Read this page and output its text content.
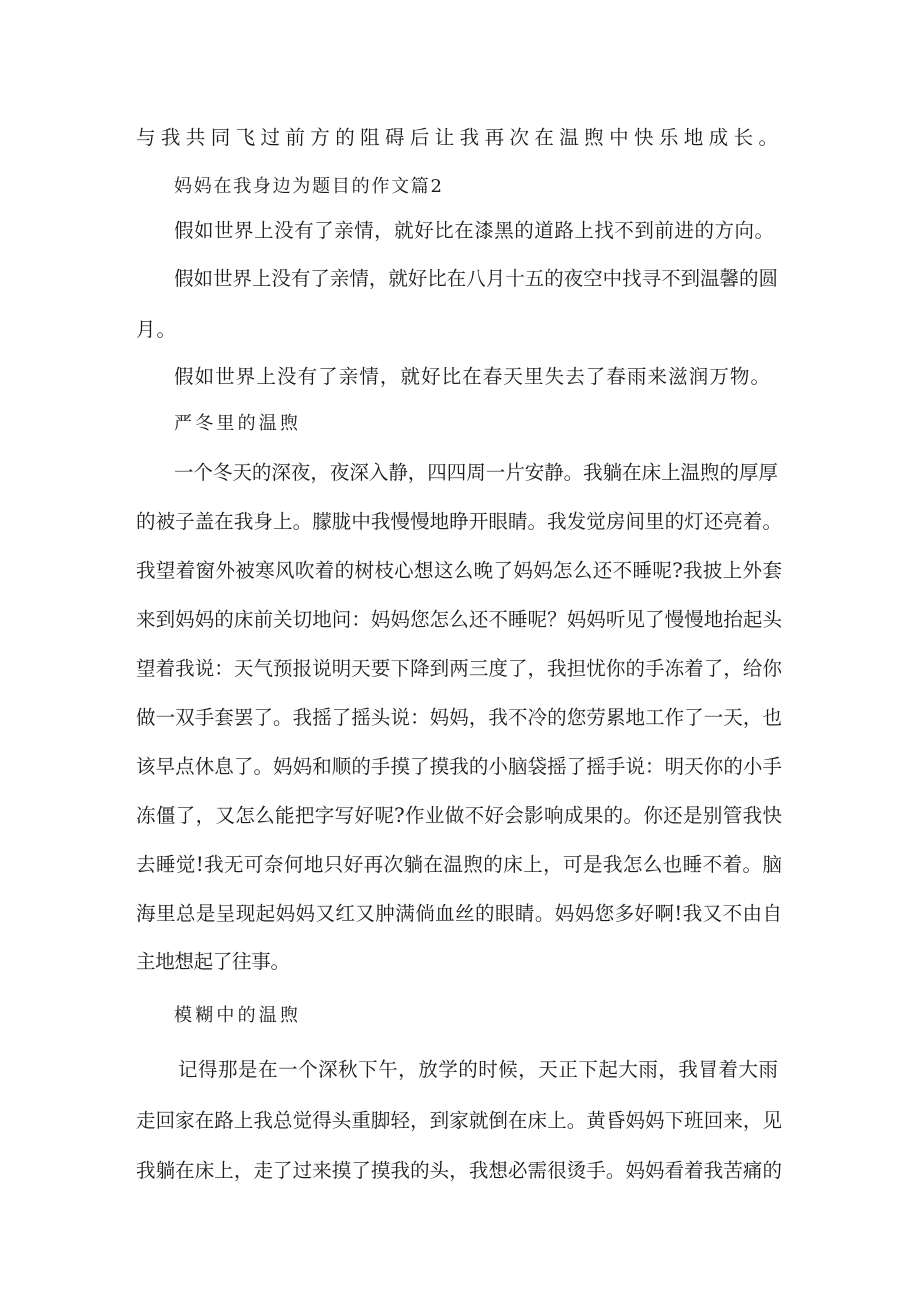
与我共同飞过前方的阻碍后让我再次在温煦中快乐地成长。

妈妈在我身边为题目的作文篇2

假如世界上没有了亲情，就好比在漆黑的道路上找不到前进的方向。

假如世界上没有了亲情，就好比在八月十五的夜空中找寻不到温馨的圆

月。

假如世界上没有了亲情，就好比在春天里失去了春雨来滋润万物。

严冬里的温煦

一个冬天的深夜，夜深入静，四四周一片安静。我躺在床上温煦的厚厚

的被子盖在我身上。朦胧中我慢慢地睁开眼睛。我发觉房间里的灯还亮着。

我望着窗外被寒风吹着的树枝心想这么晚了妈妈怎么还不睡呢?我披上外套

来到妈妈的床前关切地问：妈妈您怎么还不睡呢？妈妈听见了慢慢地抬起头

望着我说：天气预报说明天要下降到两三度了，我担忧你的手冻着了，给你

做一双手套罢了。我摇了摇头说：妈妈，我不冷的您劳累地工作了一天，也

该早点休息了。妈妈和顺的手摸了摸我的小脑袋摇了摇手说：明天你的小手

冻僵了，又怎么能把字写好呢?作业做不好会影响成果的。你还是别管我快

去睡觉!我无可奈何地只好再次躺在温煦的床上，可是我怎么也睡不着。脑

海里总是呈现起妈妈又红又肿满倘血丝的眼睛。妈妈您多好啊!我又不由自

主地想起了往事。

模糊中的温煦

记得那是在一个深秋下午，放学的时候，天正下起大雨，我冒着大雨

走回家在路上我总觉得头重脚轻，到家就倒在床上。黄昏妈妈下班回来，见

我躺在床上，走了过来摸了摸我的头，我想必需很烫手。妈妈看着我苦痛的
